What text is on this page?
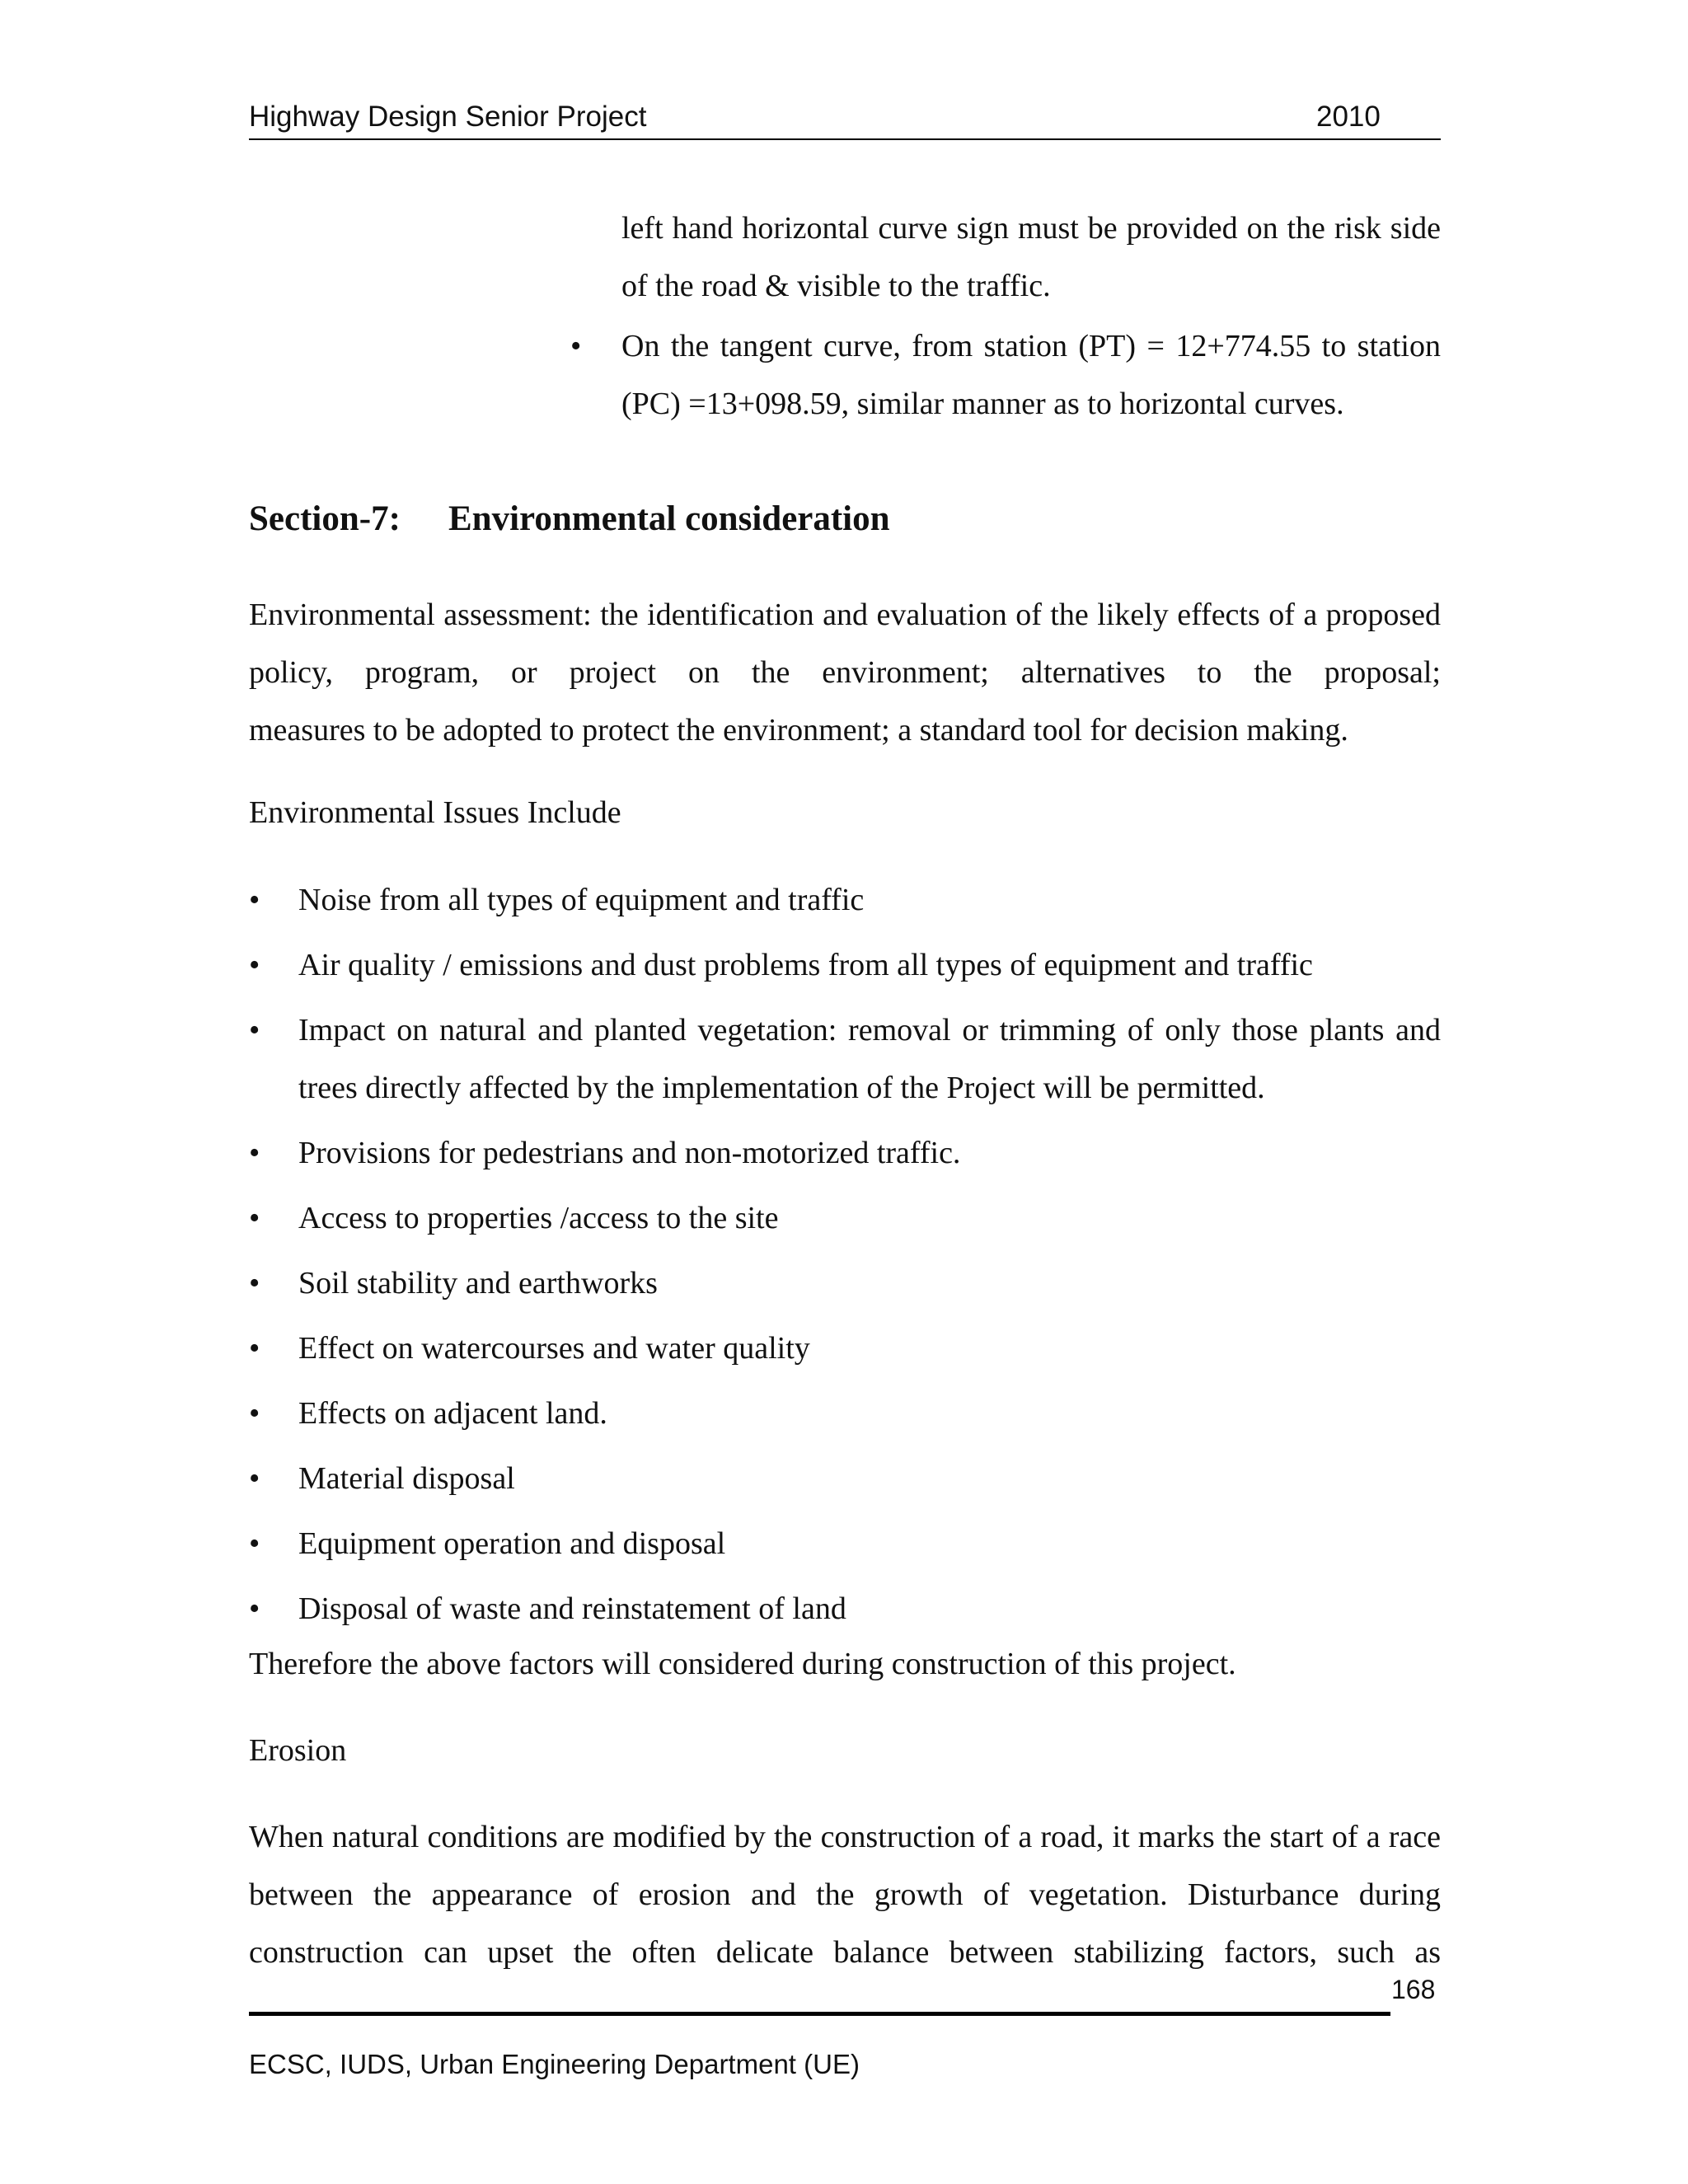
Highway Design Senior Project	2010

left hand horizontal curve sign must be provided on the risk side of the road & visible to the traffic.

•	On the tangent curve, from station (PT) = 12+774.55 to station (PC) =13+098.59, similar manner as to horizontal curves.
Section-7: Environmental consideration
Environmental assessment: the identification and evaluation of the likely effects of a proposed policy, program, or project on the environment; alternatives to the proposal;
measures to be adopted to protect the environment; a standard tool for decision making.
Environmental Issues Include
• Noise from all types of equipment and traffic
• Air quality / emissions and dust problems from all types of equipment and traffic
• Impact on natural and planted vegetation: removal or trimming of only those plants and trees directly affected by the implementation of the Project will be permitted.
• Provisions for pedestrians and non-motorized traffic.
• Access to properties /access to the site
• Soil stability and earthworks
• Effect on watercourses and water quality
• Effects on adjacent land.
• Material disposal
• Equipment operation and disposal
• Disposal of waste and reinstatement of land
Therefore the above factors will considered during construction of this project.
Erosion
When natural conditions are modified by the construction of a road, it marks the start of a race between the appearance of erosion and the growth of vegetation. Disturbance during construction can upset the often delicate balance between stabilizing factors, such as
168
ECSC, IUDS, Urban Engineering Department (UE)
